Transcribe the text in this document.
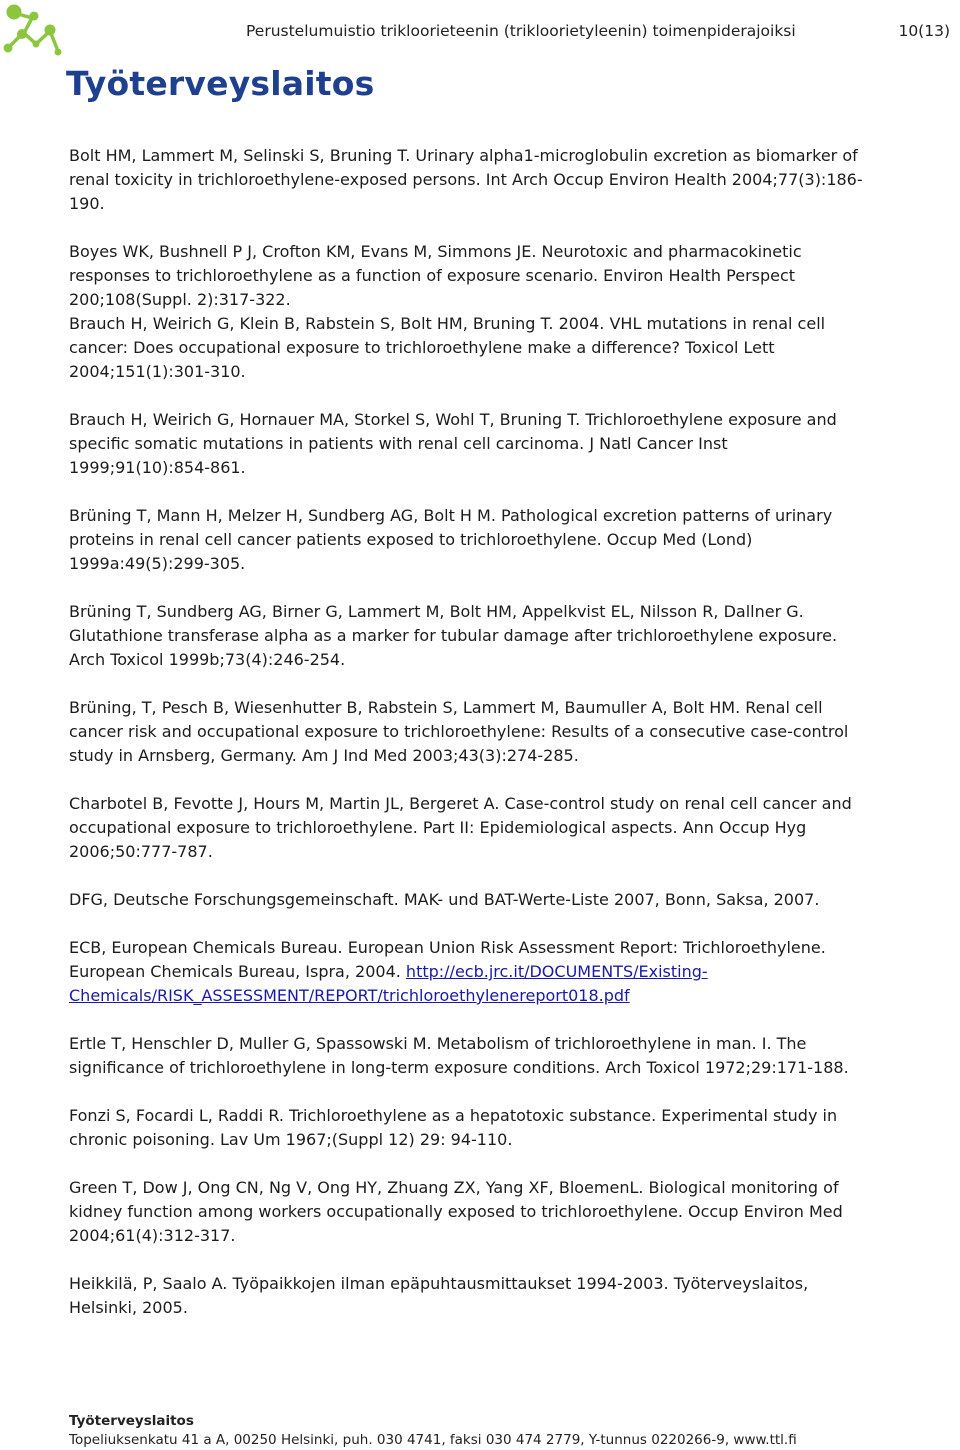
Työterveyslaitos
Perustelumuistio trikloorieteenin (trikloorietyleenin) toimenpiderajoiksi	10(13)

Bolt HM, Lammert M, Selinski S, Bruning T. Urinary alpha1-microglobulin excretion as biomarker of
renal toxicity in trichloroethylene-exposed persons. Int Arch Occup Environ Health 2004;77(3):186-
190.

Boyes WK, Bushnell P J, Crofton KM, Evans M, Simmons JE. Neurotoxic and pharmacokinetic
responses to trichloroethylene as a function of exposure scenario. Environ Health Perspect
200;108(Suppl. 2):317-322.

Brauch H, Weirich G, Klein B, Rabstein S, Bolt HM, Bruning T. 2004. VHL mutations in renal cell
cancer: Does occupational exposure to trichloroethylene make a difference? Toxicol Lett
2004;151(1):301-310.

Brauch H, Weirich G, Hornauer MA, Storkel S, Wohl T, Bruning T. Trichloroethylene exposure and
specific somatic mutations in patients with renal cell carcinoma. J Natl Cancer Inst
1999;91(10):854-861.

Brüning T, Mann H, Melzer H, Sundberg AG, Bolt H M. Pathological excretion patterns of urinary
proteins in renal cell cancer patients exposed to trichloroethylene. Occup Med (Lond)
1999a:49(5):299-305.

Brüning T, Sundberg AG, Birner G, Lammert M, Bolt HM, Appelkvist EL, Nilsson R, Dallner G.
Glutathione transferase alpha as a marker for tubular damage after trichloroethylene exposure.
Arch Toxicol 1999b;73(4):246-254.

Brüning, T, Pesch B, Wiesenhutter B, Rabstein S, Lammert M, Baumuller A, Bolt HM. Renal cell
cancer risk and occupational exposure to trichloroethylene: Results of a consecutive case-control
study in Arnsberg, Germany. Am J Ind Med 2003;43(3):274-285.

Charbotel B, Fevotte J, Hours M, Martin JL, Bergeret A. Case-control study on renal cell cancer and
occupational exposure to trichloroethylene. Part II: Epidemiological aspects. Ann Occup Hyg
2006;50:777-787.

DFG, Deutsche Forschungsgemeinschaft. MAK- und BAT-Werte-Liste 2007, Bonn, Saksa, 2007.

ECB, European Chemicals Bureau. European Union Risk Assessment Report: Trichloroethylene.
European Chemicals Bureau, Ispra, 2004. http://ecb.jrc.it/DOCUMENTS/Existing-
Chemicals/RISK_ASSESSMENT/REPORT/trichloroethylenereport018.pdf

Ertle T, Henschler D, Muller G, Spassowski M. Metabolism of trichloroethylene in man. I. The
significance of trichloroethylene in long-term exposure conditions. Arch Toxicol 1972;29:171-188.

Fonzi S, Focardi L, Raddi R. Trichloroethylene as a hepatotoxic substance. Experimental study in
chronic poisoning. Lav Um 1967;(Suppl 12) 29: 94-110.

Green T, Dow J, Ong CN, Ng V, Ong HY, Zhuang ZX, Yang XF, BloemenL. Biological monitoring of
kidney function among workers occupationally exposed to trichloroethylene. Occup Environ Med
2004;61(4):312-317.

Heikkilä, P, Saalo A. Työpaikkojen ilman epäpuhtausmittaukset 1994-2003. Työterveyslaitos,
Helsinki, 2005.

Työterveyslaitos
Topeliuksenkatu 41 a A, 00250 Helsinki, puh. 030 4741, faksi 030 474 2779, Y-tunnus 0220266-9, www.ttl.fi
